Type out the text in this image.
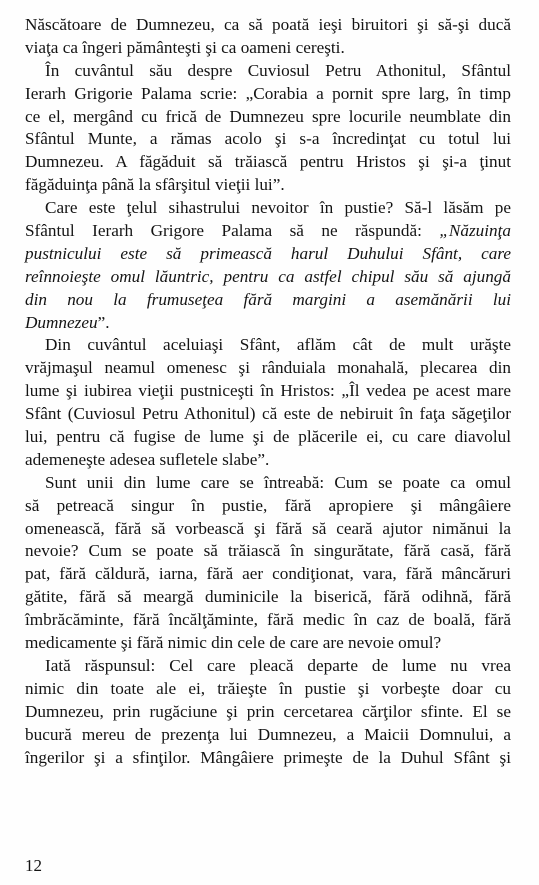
Născătoare de Dumnezeu, ca să poată ieşi biruitori şi să-şi ducă
viaţa ca îngeri pământeşti şi ca oameni cereşti.
În cuvântul său despre Cuviosul Petru Athonitul, Sfântul
Ierarh Grigorie Palama scrie: „Corabia a pornit spre larg, în timp
ce el, mergând cu frică de Dumnezeu spre locurile neumblate din
Sfântul Munte, a rămas acolo şi s-a încredinţat cu totul lui
Dumnezeu. A făgăduit să trăiască pentru Hristos şi şi-a ţinut
făgăduinţa până la sfârşitul vieţii lui”.
Care este ţelul sihastrului nevoitor în pustie? Să-l lăsăm pe
Sfântul Ierarh Grigore Palama să ne răspundă: „Năzuinţa
pustnicului este să primească harul Duhului Sfânt, care
reînnoieşte omul lăuntric, pentru ca astfel chipul său să ajungă
din nou la frumuseţea fără margini a asemănării lui
Dumnezeu”.
Din cuvântul aceluiaşi Sfânt, aflăm cât de mult urăşte
vrăjmaşul neamul omenesc şi rânduiala monahală, plecarea din
lume şi iubirea vieţii pustniceşti în Hristos: „Îl vedea pe acest mare
Sfânt (Cuviosul Petru Athonitul) că este de nebiruit în faţa săgeţilor
lui, pentru că fugise de lume şi de plăcerile ei, cu care diavolul
ademeneşte adesea sufletele slabe”.
Sunt unii din lume care se întreabă: Cum se poate ca omul
să petreacă singur în pustie, fără apropiere şi mângâiere
omenească, fără să vorbească şi fără să ceară ajutor nimănui la
nevoie? Cum se poate să trăiască în singurătate, fără casă, fără
pat, fără căldură, iarna, fără aer condiţionat, vara, fără mâncăruri
gătite, fără să meargă duminicile la biserică, fără odihnă, fără
îmbrăcăminte, fără încălţăminte, fără medic în caz de boală, fără
medicamente şi fără nimic din cele de care are nevoie omul?
Iată răspunsul: Cel care pleacă departe de lume nu vrea
nimic din toate ale ei, trăieşte în pustie şi vorbeşte doar cu
Dumnezeu, prin rugăciune şi prin cercetarea cărţilor sfinte. El se
bucură mereu de prezenţa lui Dumnezeu, a Maicii Domnului, a
îngerilor şi a sfinţilor. Mângâiere primeşte de la Duhul Sfânt şi
12
